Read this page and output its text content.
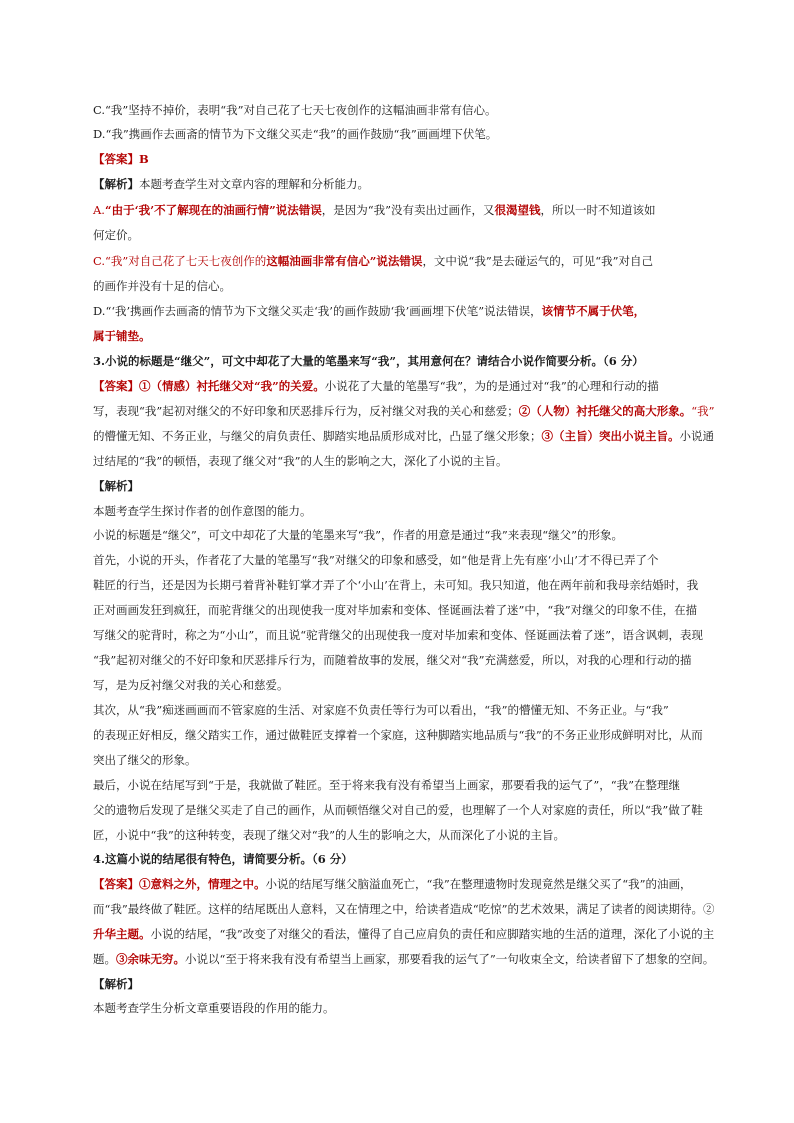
C.“我”坚持不掉价，表明“我”对自己花了七天七夜创作的这幅油画非常有信心。
D.“我”携画作去画斋的情节为下文继父买走“我”的画作鼓励“我”画画埋下伏笔。
【答案】B
【解析】本题考查学生对文章内容的理解和分析能力。
A.“由于‘我’不了解现在的油画行情”说法错误，是因为“我”没有卖出过画作，又很渴望钱，所以一时不知道该如
何定价。
C.“我”对自己花了七天七夜创作的这幅油画非常有信心”说法错误，文中说“我”是去碰运气的，可见“我”对自己
的画作并没有十足的信心。
D.“‘我’携画作去画斋的情节为下文继父买走‘我’的画作鼓励‘我’画画埋下伏笔”说法错误，该情节不属于伏笔，
属于铺垫。
3.小说的标题是“继父”，可文中却花了大量的笔墨来写“我”，其用意何在？请结合小说作简要分析。（6 分）
【答案】①（情感）衬托继父对“我”的关爱。小说花了大量的笔墨写“我”，为的是通过对“我”的心理和行动的描
写，表现“我”起初对继父的不好印象和厌恶排斥行为，反衬继父对我的关心和慈爱；②（人物）衬托继父的高大形象。“我”
的懵懂无知、不务正业，与继父的肩负责任、脚踏实地品质形成对比，凸显了继父形象；③（主旨）突出小说主旨。小说通
过结尾的“我”的顿悟，表现了继父对“我”的人生的影响之大，深化了小说的主旨。
【解析】
本题考查学生探讨作者的创作意图的能力。
小说的标题是“继父”，可文中却花了大量的笔墨来写“我”，作者的用意是通过“我”来表现“继父”的形象。
首先，小说的开头，作者花了大量的笔墨写“我”对继父的印象和感受，如“他是背上先有座‘小山’才不得已弄了个
鞋匠的行当，还是因为长期弓着背补鞋钉掌才弄了个‘小山’在背上，未可知。我只知道，他在两年前和我母亲结婚时，我
正对画画发狂到疯狂，而驼背继父的出现使我一度对毕加索和变体、怪诞画法着了迷”中，“我”对继父的印象不佳，在描
写继父的驼背时，称之为“小山”，而且说“驼背继父的出现使我一度对毕加索和变体、怪诞画法着了迷”，语含讽刺，表现
“我”起初对继父的不好印象和厌恶排斥行为，而随着故事的发展，继父对“我”充满慈爱，所以，对我的心理和行动的描
写，是为反衬继父对我的关心和慈爱。
其次，从“我”痴迷画画而不管家庭的生活、对家庭不负责任等行为可以看出，“我”的懵懂无知、不务正业。与“我”
的表现正好相反，继父踏实工作，通过做鞋匠支撑着一个家庭，这种脚踏实地品质与“我”的不务正业形成鲜明对比，从而
突出了继父的形象。
最后，小说在结尾写到“于是，我就做了鞋匠。至于将来我有没有希望当上画家，那要看我的运气了”，“我”在整理继
父的遗物后发现了是继父买走了自己的画作，从而顿悟继父对自己的爱，也理解了一个人对家庭的责任，所以“我”做了鞋
匠，小说中“我”的这种转变，表现了继父对“我”的人生的影响之大，从而深化了小说的主旨。
4.这篇小说的结尾很有特色，请简要分析。（6 分）
【答案】①意料之外，情理之中。小说的结尾写继父脑溢血死亡，“我”在整理遗物时发现竟然是继父买了“我”的油画，
而“我”最终做了鞋匠。这样的结尾既出人意料，又在情理之中，给读者造成“吃惊”的艺术效果，满足了读者的阅读期待。②
升华主题。小说的结尾，“我”改变了对继父的看法，懂得了自己应肩负的责任和应脚踏实地的生活的道理，深化了小说的主
题。③余味无穷。小说以“至于将来我有没有希望当上画家，那要看我的运气了”一句收束全文，给读者留下了想象的空间。
【解析】
本题考查学生分析文章重要语段的作用的能力。
